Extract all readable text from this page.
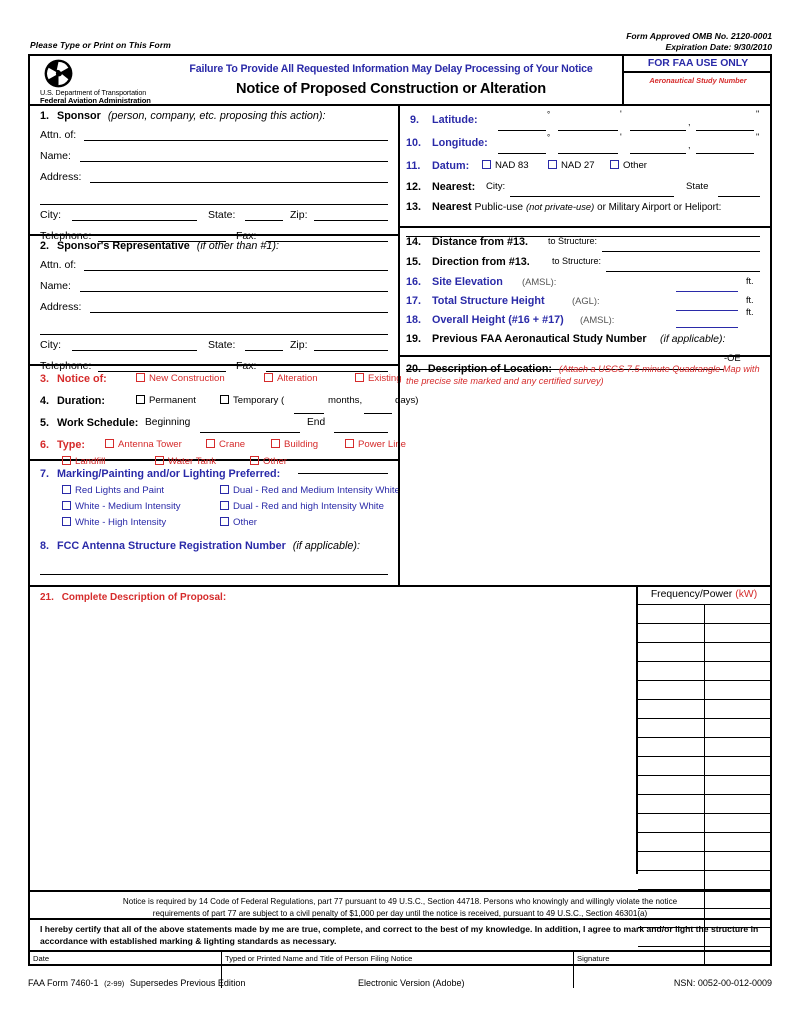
Please Type or Print on This Form
Form Approved OMB No. 2120-0001
Expiration Date: 9/30/2010
U.S. Department of Transportation
Federal Aviation Administration
Failure To Provide All Requested Information May Delay Processing of Your Notice
Notice of Proposed Construction or Alteration
FOR FAA USE ONLY
Aeronautical Study Number
1. Sponsor (person, company, etc. proposing this action):
Attn. of:
Name:
Address:
City:	State:	Zip:
Telephone:	Fax:
2. Sponsor's Representative (if other than #1):
Attn. of:
Name:
Address:
City:	State:	Zip:
Telephone:	Fax:
3. Notice of:	New Construction	Alteration	Existing
4. Duration:	Permanent	Temporary (	months,	days)
5. Work Schedule: Beginning	End
6. Type:	Antenna Tower	Crane	Building	Power Line
Landfill	Water Tank	Other
7. Marking/Painting and/or Lighting Preferred:
Red Lights and Paint	Dual - Red and Medium Intensity White
White - Medium Intensity	Dual - Red and high Intensity White
White - High Intensity	Other
8. FCC Antenna Structure Registration Number (if applicable):
9. Latitude:	°	'
,
"
10. Longitude:	°	'
,
"
11. Datum:	NAD 83	NAD 27	Other
12. Nearest: City:	State
13. Nearest Public-use (not private-use) or Military Airport or Heliport:
14. Distance from #13. to Structure:
15. Direction from #13. to Structure:
16. Site Elevation (AMSL):	ft.
17. Total Structure Height	(AGL):	ft.
18. Overall Height (#16 + #17) (AMSL):
ft.
19. Previous FAA Aeronautical Study Number (if applicable):
-OE
20. Description of Location: (Attach a USGS 7.5 minute Quadrangle Map with the precise site marked and any certified survey)
21. Complete Description of Proposal:	Frequency/Power (kW)
Notice is required by 14 Code of Federal Regulations, part 77 pursuant to 49 U.S.C., Section 44718. Persons who knowingly and willingly violate the notice
requirements of part 77 are subject to a civil penalty of $1,000 per day until the notice is received, pursuant to 49 U.S.C., Section 46301(a)
I hereby certify that all of the above statements made by me are true, complete, and correct to the best of my knowledge. In addition, I agree to mark and/or light the structure in accordance with established marking & lighting standards as necessary.
Date	Typed or Printed Name and Title of Person Filing Notice	Signature
FAA Form 7460-1 (2-99) Supersedes Previous Edition	Electronic Version (Adobe)	NSN: 0052-00-012-0009
